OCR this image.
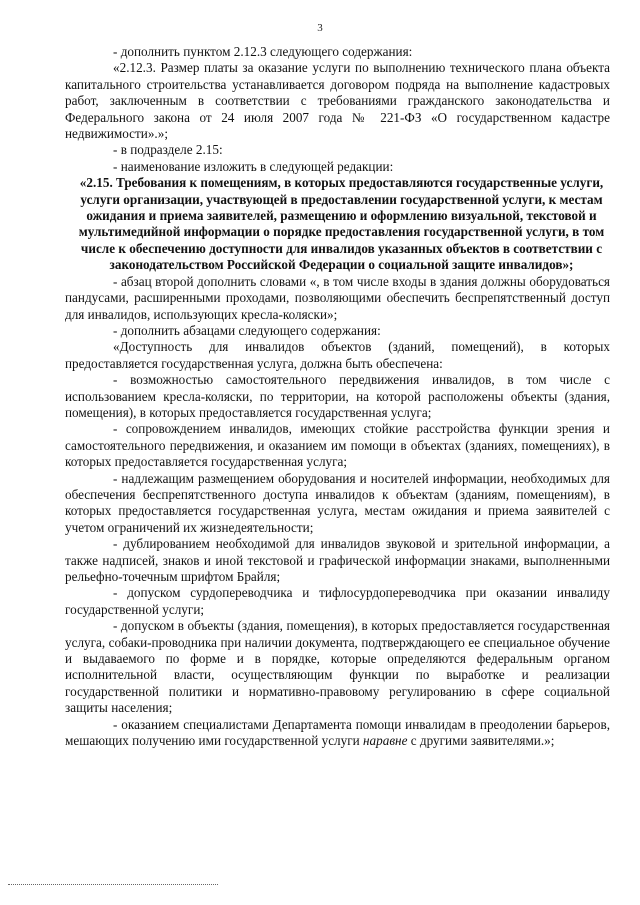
3

- дополнить пунктом 2.12.3 следующего содержания:

«2.12.3. Размер платы за оказание услуги по выполнению технического плана объекта капитального строительства устанавливается договором подряда на выполнение кадастровых работ, заключенным в соответствии с требованиями гражданского законодательства и Федерального закона от 24 июля 2007 года № 221-ФЗ «О государственном кадастре недвижимости».»;

- в подразделе 2.15:

- наименование изложить в следующей редакции:

«2.15. Требования к помещениям, в которых предоставляются государственные услуги, услуги организации, участвующей в предоставлении государственной услуги, к местам ожидания и приема заявителей, размещению и оформлению визуальной, текстовой и мультимедийной информации о порядке предоставления государственной услуги, в том числе к обеспечению доступности для инвалидов указанных объектов в соответствии с законодательством Российской Федерации о социальной защите инвалидов»;

- абзац второй дополнить словами «, в том числе входы в здания должны оборудоваться пандусами, расширенными проходами, позволяющими обеспечить беспрепятственный доступ для инвалидов, использующих кресла-коляски»;

- дополнить абзацами следующего содержания:

«Доступность для инвалидов объектов (зданий, помещений), в которых предоставляется государственная услуга, должна быть обеспечена:

- возможностью самостоятельного передвижения инвалидов, в том числе с использованием кресла-коляски, по территории, на которой расположены объекты (здания, помещения), в которых предоставляется государственная услуга;

- сопровождением инвалидов, имеющих стойкие расстройства функции зрения и самостоятельного передвижения, и оказанием им помощи в объектах (зданиях, помещениях), в которых предоставляется государственная услуга;

- надлежащим размещением оборудования и носителей информации, необходимых для обеспечения беспрепятственного доступа инвалидов к объектам (зданиям, помещениям), в которых предоставляется государственная услуга, местам ожидания и приема заявителей с учетом ограничений их жизнедеятельности;

- дублированием необходимой для инвалидов звуковой и зрительной информации, а также надписей, знаков и иной текстовой и графической информации знаками, выполненными рельефно-точечным шрифтом Брайля;

- допуском сурдопереводчика и тифлосурдопереводчика при оказании инвалиду государственной услуги;

- допуском в объекты (здания, помещения), в которых предоставляется государственная услуга, собаки-проводника при наличии документа, подтверждающего ее специальное обучение и выдаваемого по форме и в порядке, которые определяются федеральным органом исполнительной власти, осуществляющим функции по выработке и реализации государственной политики и нормативно-правовому регулированию в сфере социальной защиты населения;

- оказанием специалистами Департамента помощи инвалидам в преодолении барьеров, мешающих получению ими государственной услуги наравне с другими заявителями.»;
